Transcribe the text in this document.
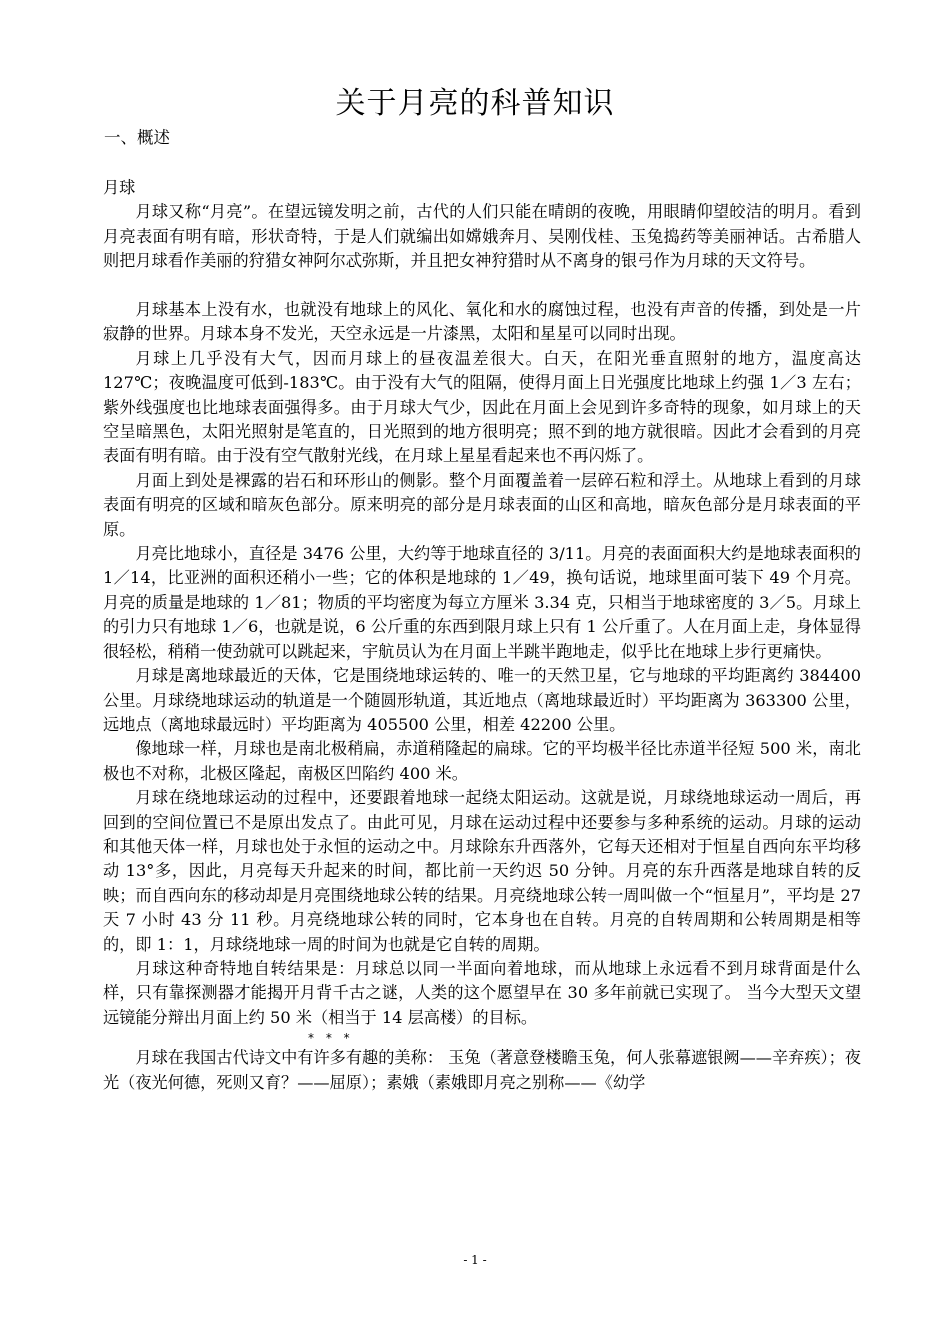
关于月亮的科普知识
一、概述

月球

月球又称“月亮”。在望远镜发明之前，古代的人们只能在晴朗的夜晚，用眼睛仰望皎洁的明月。看到月亮表面有明有暗，形状奇特，于是人们就编出如嫦娥奔月、吴刚伐桂、玉兔捣药等美丽神话。古希腊人则把月球看作美丽的狩猎女神阿尔忒弥斯，并且把女神狩猎时从不离身的银弓作为月球的天文符号。

月球基本上没有水，也就没有地球上的风化、氧化和水的腐蚀过程，也没有声音的传播，到处是一片寂静的世界。月球本身不发光，天空永远是一片漆黑，太阳和星星可以同时出现。

月球上几乎没有大气，因而月球上的昼夜温差很大。白天，在阳光垂直照射的地方，温度高达 127℃；夜晚温度可低到-183℃。由于没有大气的阻隔，使得月面上日光强度比地球上约强 1／3 左右；紫外线强度也比地球表面强得多。由于月球大气少，因此在月面上会见到许多奇特的现象，如月球上的天空呈暗黑色，太阳光照射是笔直的，日光照到的地方很明亮；照不到的地方就很暗。因此才会看到的月亮表面有明有暗。由于没有空气散射光线，在月球上星星看起来也不再闪烁了。

月面上到处是裸露的岩石和环形山的侧影。整个月面覆盖着一层碎石粒和浮土。从地球上看到的月球表面有明亮的区域和暗灰色部分。原来明亮的部分是月球表面的山区和高地，暗灰色部分是月球表面的平原。

月亮比地球小，直径是 3476 公里，大约等于地球直径的 3/11。月亮的表面面积大约是地球表面积的 1／14，比亚洲的面积还稍小一些；它的体积是地球的 1／49，换句话说，地球里面可装下 49 个月亮。月亮的质量是地球的 1／81；物质的平均密度为每立方厘米 3.34 克，只相当于地球密度的 3／5。月球上的引力只有地球 1／6，也就是说，6 公斤重的东西到限月球上只有 1 公斤重了。人在月面上走，身体显得很轻松，稍稍一使劲就可以跳起来，宇航员认为在月面上半跳半跑地走，似乎比在地球上步行更痛快。

月球是离地球最近的天体，它是围绕地球运转的、唯一的天然卫星，它与地球的平均距离约 384400 公里。月球绕地球运动的轨道是一个随圆形轨道，其近地点（离地球最近时）平均距离为 363300 公里，远地点（离地球最远时）平均距离为 405500 公里，相差 42200 公里。

像地球一样，月球也是南北极稍扁，赤道稍隆起的扁球。它的平均极半径比赤道半径短 500 米，南北极也不对称，北极区隆起，南极区凹陷约 400 米。

月球在绕地球运动的过程中，还要跟着地球一起绕太阳运动。这就是说，月球绕地球运动一周后，再回到的空间位置已不是原出发点了。由此可见，月球在运动过程中还要参与多种系统的运动。月球的运动和其他天体一样，月球也处于永恒的运动之中。月球除东升西落外，它每天还相对于恒星自西向东平均移动 13°多，因此，月亮每天升起来的时间，都比前一天约迟 50 分钟。月亮的东升西落是地球自转的反映；而自西向东的移动却是月亮围绕地球公转的结果。月亮绕地球公转一周叫做一个“恒星月”，平均是 27 天 7 小时 43 分 11 秒。月亮绕地球公转的同时，它本身也在自转。月亮的自转周期和公转周期是相等的，即 1：1，月球绕地球一周的时间为也就是它自转的周期。

月球这种奇特地自转结果是：月球总以同一半面向着地球，而从地球上永远看不到月球背面是什么样，只有靠探测器才能揭开月背千古之谜，人类的这个愿望早在 30 多年前就已实现了。 当今大型天文望远镜能分辩出月面上约 50 米（相当于 14 层高楼）的目标。

* * *

月球在我国古代诗文中有许多有趣的美称： 玉兔（著意登楼瞻玉兔，何人张幕遮银阙——辛弃疾）；夜光（夜光何德，死则又育？——屈原）；素娥（素娥即月亮之别称——《幼学

- 1 -
